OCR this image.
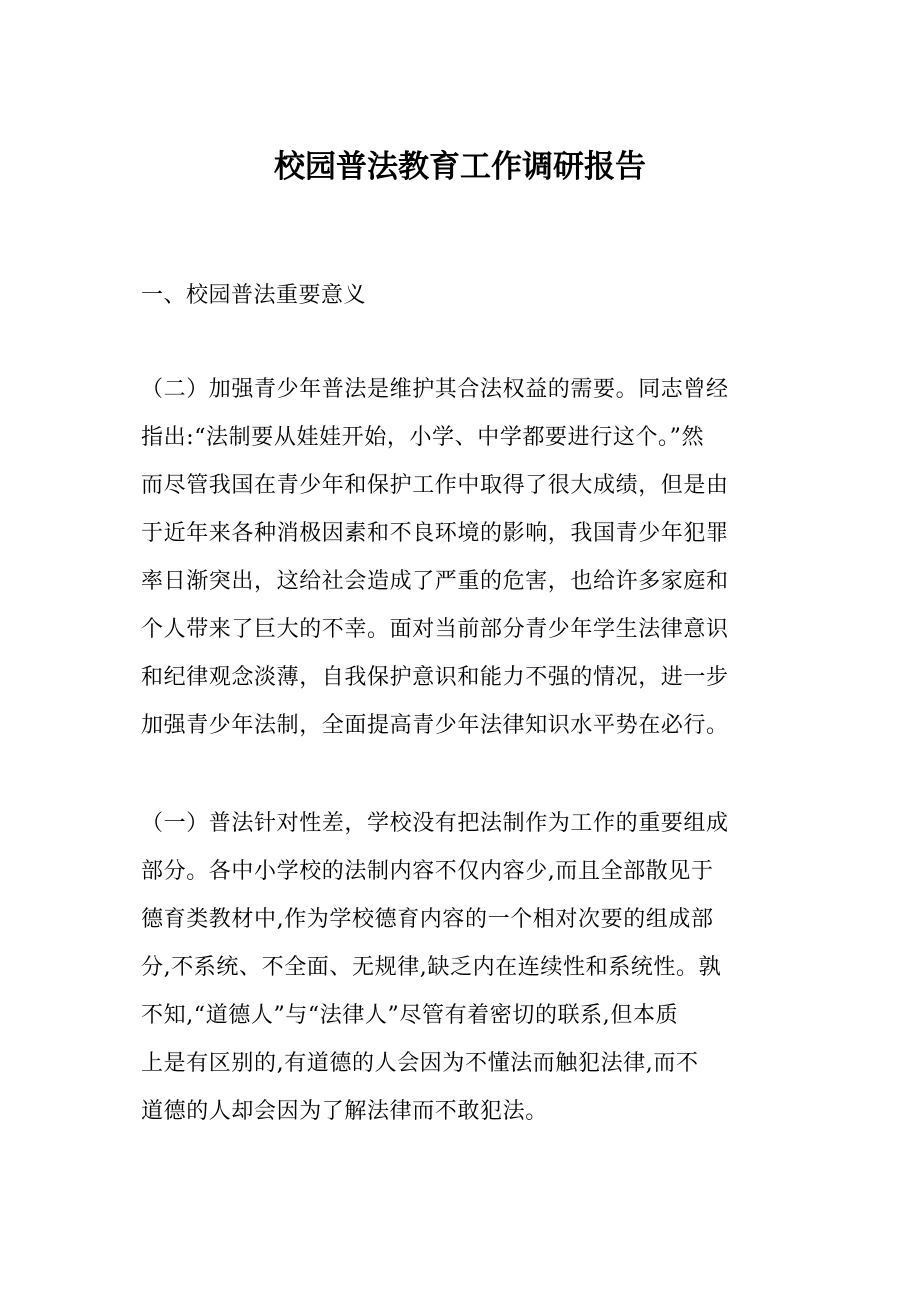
校园普法教育工作调研报告

一、校园普法重要意义

（二）加强青少年普法是维护其合法权益的需要。同志曾经
指出:“法制要从娃娃开始，小学、中学都要进行这个。”然
而尽管我国在青少年和保护工作中取得了很大成绩，但是由
于近年来各种消极因素和不良环境的影响，我国青少年犯罪
率日渐突出，这给社会造成了严重的危害，也给许多家庭和
个人带来了巨大的不幸。面对当前部分青少年学生法律意识
和纪律观念淡薄，自我保护意识和能力不强的情况，进一步
加强青少年法制，全面提高青少年法律知识水平势在必行。
（一）普法针对性差，学校没有把法制作为工作的重要组成
部分。各中小学校的法制内容不仅内容少,而且全部散见于
德育类教材中,作为学校德育内容的一个相对次要的组成部
分,不系统、不全面、无规律,缺乏内在连续性和系统性。孰
不知,“道德人”与“法律人”尽管有着密切的联系,但本质
上是有区别的,有道德的人会因为不懂法而触犯法律,而不
道德的人却会因为了解法律而不敢犯法。
